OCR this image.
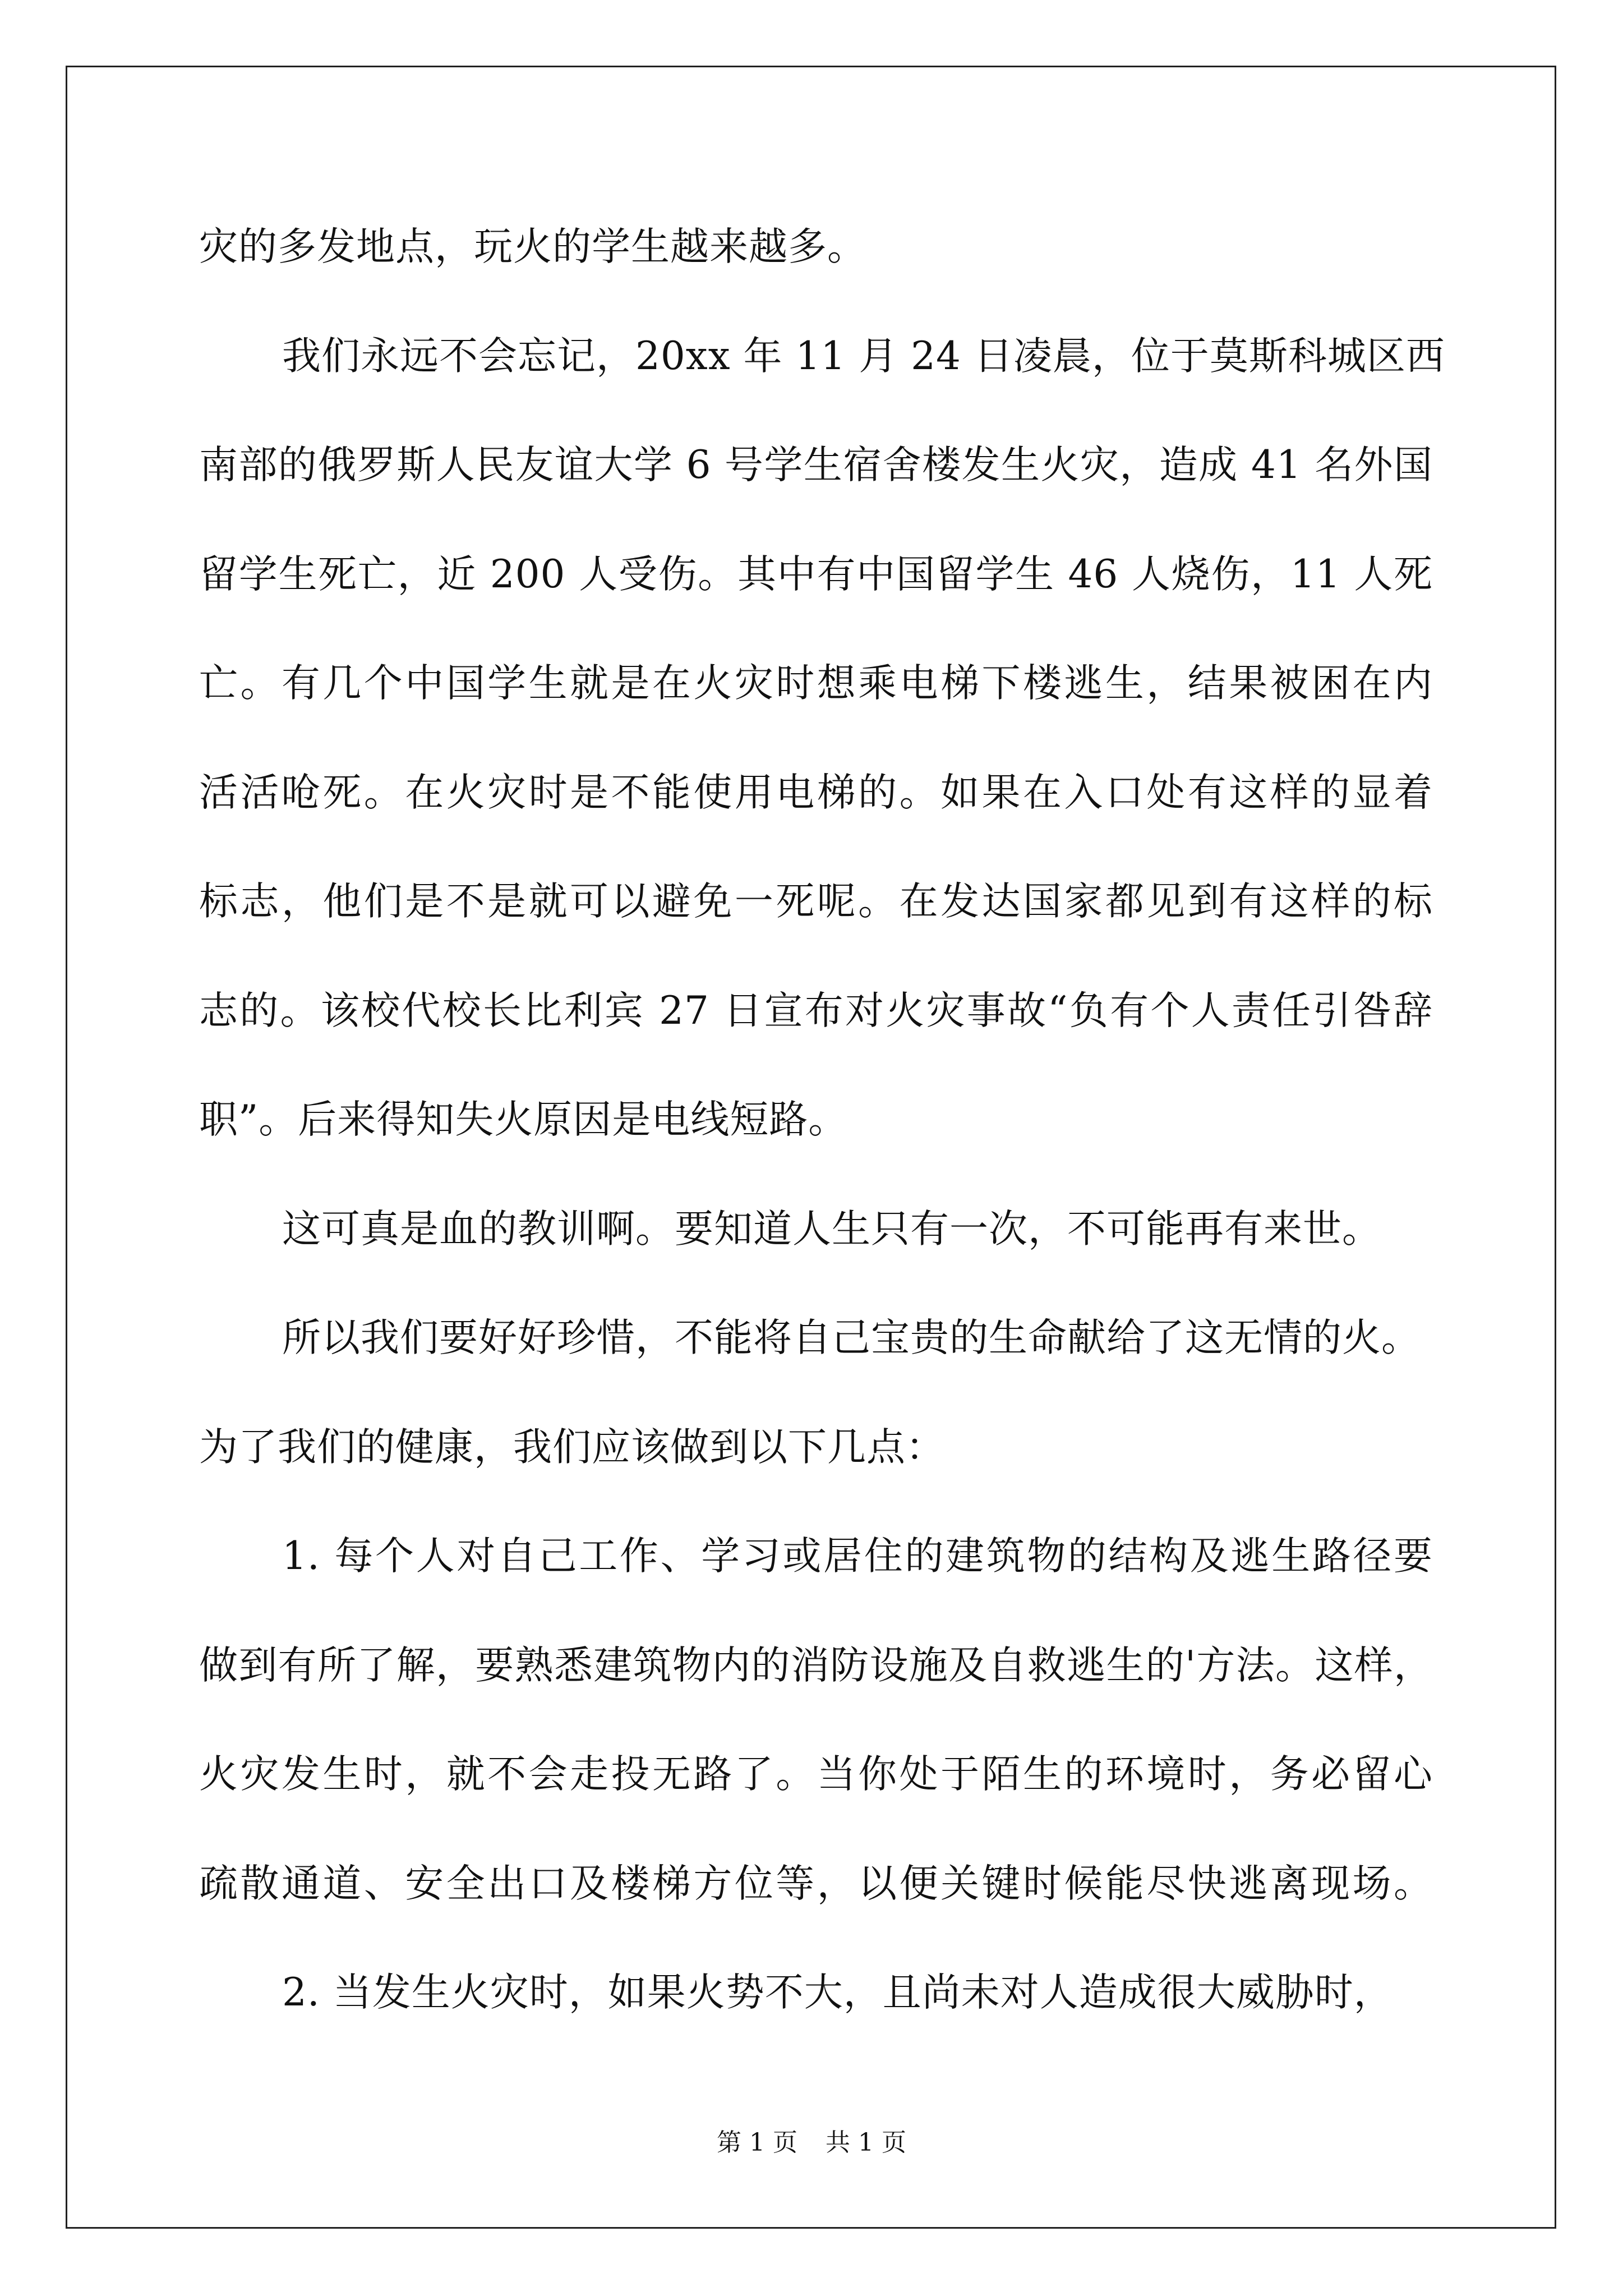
灾的多发地点，玩火的学生越来越多。
我们永远不会忘记，20xx 年 11 月 24 日凌晨，位于莫斯科城区西
南部的俄罗斯人民友谊大学 6 号学生宿舍楼发生火灾，造成 41 名外国
留学生死亡，近 200 人受伤。其中有中国留学生 46 人烧伤，11 人死
亡。有几个中国学生就是在火灾时想乘电梯下楼逃生，结果被困在内
活活呛死。在火灾时是不能使用电梯的。如果在入口处有这样的显着
标志，他们是不是就可以避免一死呢。在发达国家都见到有这样的标
志的。该校代校长比利宾 27 日宣布对火灾事故“负有个人责任引咎辞
职”。后来得知失火原因是电线短路。
这可真是血的教训啊。要知道人生只有一次，不可能再有来世。
所以我们要好好珍惜，不能将自己宝贵的生命献给了这无情的火。
为了我们的健康，我们应该做到以下几点：
1. 每个人对自己工作、学习或居住的建筑物的结构及逃生路径要
做到有所了解，要熟悉建筑物内的消防设施及自救逃生的'方法。这样，
火灾发生时，就不会走投无路了。当你处于陌生的环境时，务必留心
疏散通道、安全出口及楼梯方位等，以便关键时候能尽快逃离现场。
2. 当发生火灾时，如果火势不大，且尚未对人造成很大威胁时，
第 1 页 共 1 页
